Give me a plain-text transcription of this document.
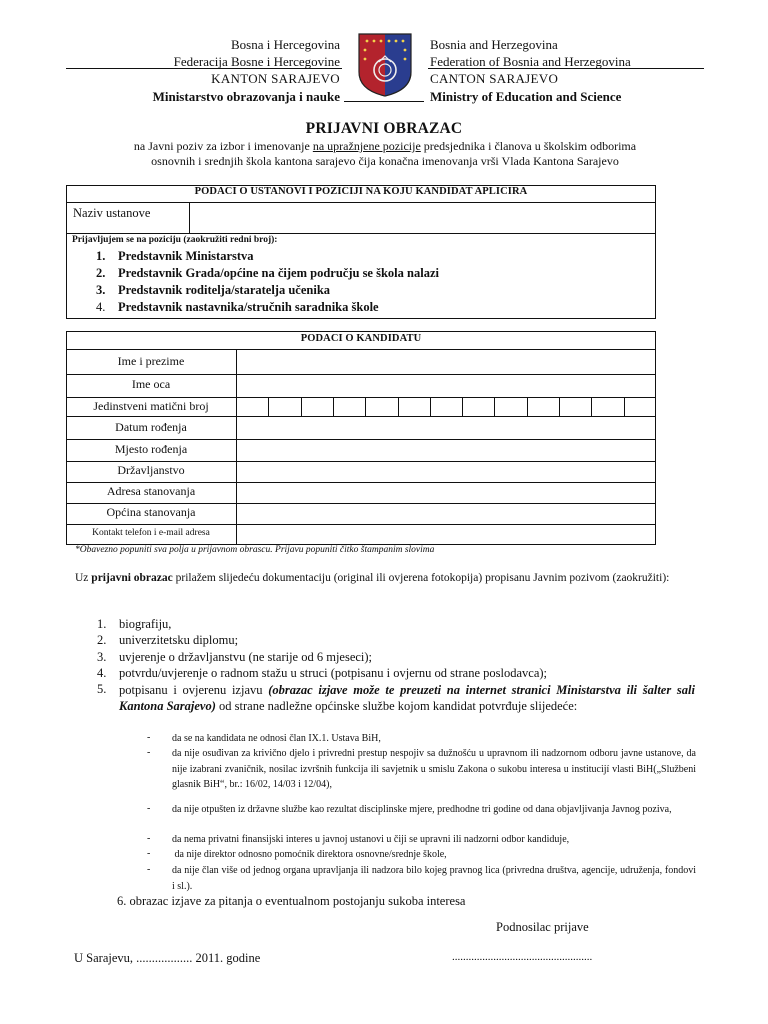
Bosna i Hercegovina
Federacija Bosne i Hercegovine
KANTON SARAJEVO
Ministarstvo obrazovanja i nauke
Bosnia and Herzegovina
Federation of Bosnia and Herzegovina
CANTON SARAJEVO
Ministry of Education and Science
PRIJAVNI OBRAZAC
na Javni poziv za izbor i imenovanje na upražnjene pozicije predsjednika i članova u školskim odborima
osnovnih i srednjih škola kantona sarajevo čija konačna imenovanja vrši Vlada Kantona Sarajevo
PODACI O USTANOVI I POZICIJI NA KOJU KANDIDAT APLICIRA
Naziv ustanove
Prijavljujem se na poziciju (zaokružiti redni broj):
1. Predstavnik Ministarstva
2. Predstavnik Grada/općine na čijem području se škola nalazi
3. Predstavnik roditelja/staratelja učenika
4. Predstavnik nastavnika/stručnih saradnika škole
PODACI O KANDIDATU
Ime i prezime
Ime oca
Jedinstveni matični broj
Datum rođenja
Mjesto rođenja
Državljanstvo
Adresa stanovanja
Općina stanovanja
Kontakt telefon i e-mail adresa
*Obavezno popuniti sva polja u prijavnom obrascu. Prijavu popuniti čitko štampanim slovima
Uz prijavni obrazac prilažem slijedeću dokumentaciju (original ili ovjerena fotokopija) propisanu Javnim pozivom (zaokružiti):
1. biografiju,
2. univerzitetsku diplomu;
3. uvjerenje o državljanstvu (ne starije od 6 mjeseci);
4. potvrdu/uvjerenje o radnom stažu u struci (potpisanu i ovjernu od strane poslodavca);
5. potpisanu i ovjerenu izjavu (obrazac izjave može te preuzeti na internet stranici Ministarstva ili šalter sali Kantona Sarajevo) od strane nadležne općinske službe kojom kandidat potvrđuje slijedeće:
- da se na kandidata ne odnosi član IX.1. Ustava BiH,
- da nije osuđivan za krivično djelo i privredni prestup nespojiv sa dužnošću u upravnom ili nadzornom odboru javne ustanove, da nije izabrani zvaničnik, nosilac izvršnih funkcija ili savjetnik u smislu Zakona o sukobu interesa u institucijí vlasti BiH(„Službeni glasnik BiH“, br.: 16/02, 14/03 i 12/04),
- da nije otpušten iz državne službe kao rezultat disciplinske mjere, predhodne tri godine od dana objavljivanja Javnog poziva,
- da nema privatni finansijski interes u javnoj ustanovi u čiji se upravni ili nadzorni odbor kandiduje,
- da nije direktor odnosno pomoćnik direktora osnovne/srednje škole,
- da nije član više od jednog organa upravljanja ili nadzora bilo kojeg pravnog lica (privredna društva, agencije, udruženja, fondovi i sl.).
6. obrazac izjave za pitanja o eventualnom postojanju sukoba interesa
Podnosilac prijave
U Sarajevu, .................. 2011. godine	...................................................
